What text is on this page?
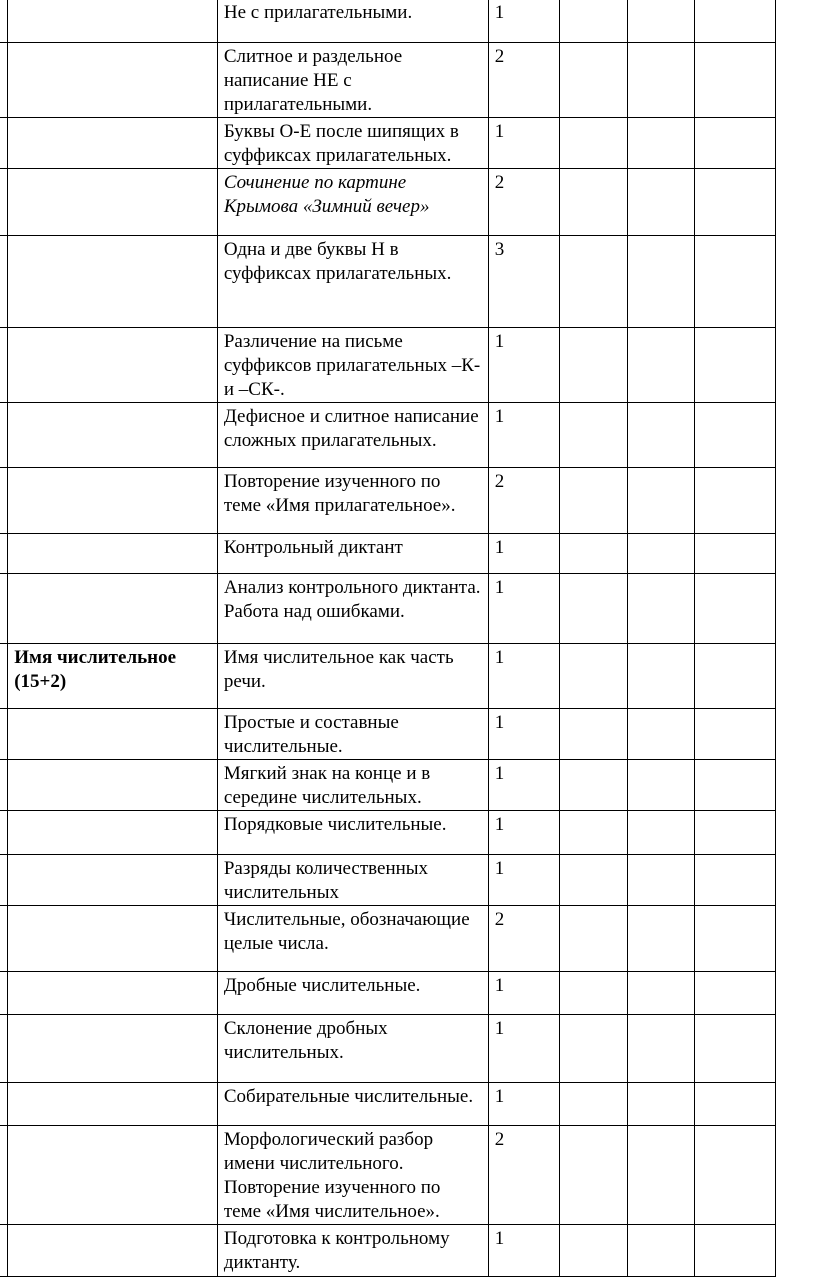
		Не с прилагательными.	1			

		Слитное и раздельное написание НЕ с прилагательными.	2			

		Буквы О-Е после шипящих в суффиксах прилагательных.	1			

		Сочинение по картине Крымова «Зимний вечер»	2			

		Одна и две буквы Н в суффиксах прилагательных.	3			

		Различение на письме суффиксов прилагательных –К- и –СК-.	1			

		Дефисное и слитное написание сложных прилагательных.	1			

		Повторение изученного по теме «Имя прилагательное».	2			

		Контрольный диктант	1			

		Анализ контрольного диктанта. Работа над ошибками.	1			

	Имя числительное (15+2)	Имя числительное как часть речи.	1			

		Простые и составные числительные.	1			

		Мягкий знак на конце и в середине числительных.	1			

		Порядковые числительные.	1			

		Разряды количественных числительных	1			

		Числительные, обозначающие целые числа.	2			

		Дробные числительные.	1			

		Склонение дробных числительных.	1			

		Собирательные числительные.	1			

		Морфологический разбор имени числительного. Повторение изученного по теме «Имя числительное».	2			

		Подготовка к контрольному диктанту.	1			
